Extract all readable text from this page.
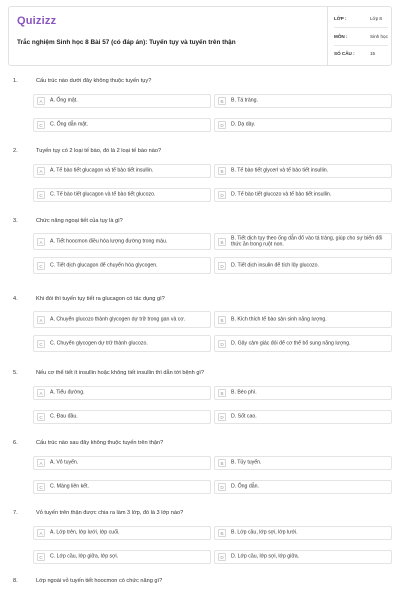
Quizizz
Trắc nghiệm Sinh học 8 Bài 57 (có đáp án): Tuyến tụy và tuyến trên thận
LỚP :	Lớp 8
MÔN :	Sinh học
SỐ CÂU :	15
1.	Cấu trúc nào dưới đây không thuộc tuyến tụy?
A	A. Ống mật.	B	B. Tá tràng.
C	C. Ống dẫn mật.	D	D. Dạ dày.
2.	Tuyến tụy có 2 loại tế bào, đó là 2 loại tế bào nào?
A	A. Tế bào tiết glucagon và tế bào tiết insullin.	B	B. Tế bào tiết glycerl và tế bào tiết insullin.
C	C. Tế bào tiết glucagon và tế bào tiết glucozo.	D	D. Tế bào tiết glucozo và tế bào tiết insullin.
3.	Chức năng ngoại tiết của tụy là gì?
A	A. Tiết hoocmon điều hòa lượng đường trong máu.	B
B. Tiết dịch tụy theo ống dẫn đổ vào tá tràng, giúp cho sự biến đổi thức ăn trong ruột non.
C	C. Tiết dịch glucagon để chuyển hóa glycogen.	D	D. Tiết dịch insulin để tích lũy glucozo.
4.	Khi đói thì tuyến tụy tiết ra glucagon có tác dụng gì?
A	A. Chuyển glucozo thành glycogen dự trữ trong gan và cơ.	B	B. Kích thích tế bào sản sinh năng lượng.
C	C. Chuyển glycogen dự trữ thành glucozo.	D	D. Gây cảm giác đói để cơ thể bổ sung năng lượng.
5.	Nếu cơ thể tiết ít insullin hoặc không tiết insullin thì dẫn tới bệnh gì?
A	A. Tiểu đường.	B	B. Béo phì.
C	C. Đau đầu.	D	D. Sốt cao.
6.	Cấu trúc nào sau đây không thuộc tuyến trên thận?
A	A. Vỏ tuyến.	B	B. Tủy tuyến.
C	C. Màng liên kết.	D	D. Ống dẫn.
7.	Vỏ tuyến trên thận được chia ra làm 3 lớp, đó là 3 lớp nào?
A	A. Lớp trên, lớp lưới, lớp cuối.	B	B. Lớp cầu, lớp sợi, lớp lưới.
C	C. Lớp cầu, lớp giữa, lớp sợi.	D	D. Lớp cầu, lớp sợi, lớp giữa.
8.	Lớp ngoài vỏ tuyến tiết hoocmon có chức năng gì?
